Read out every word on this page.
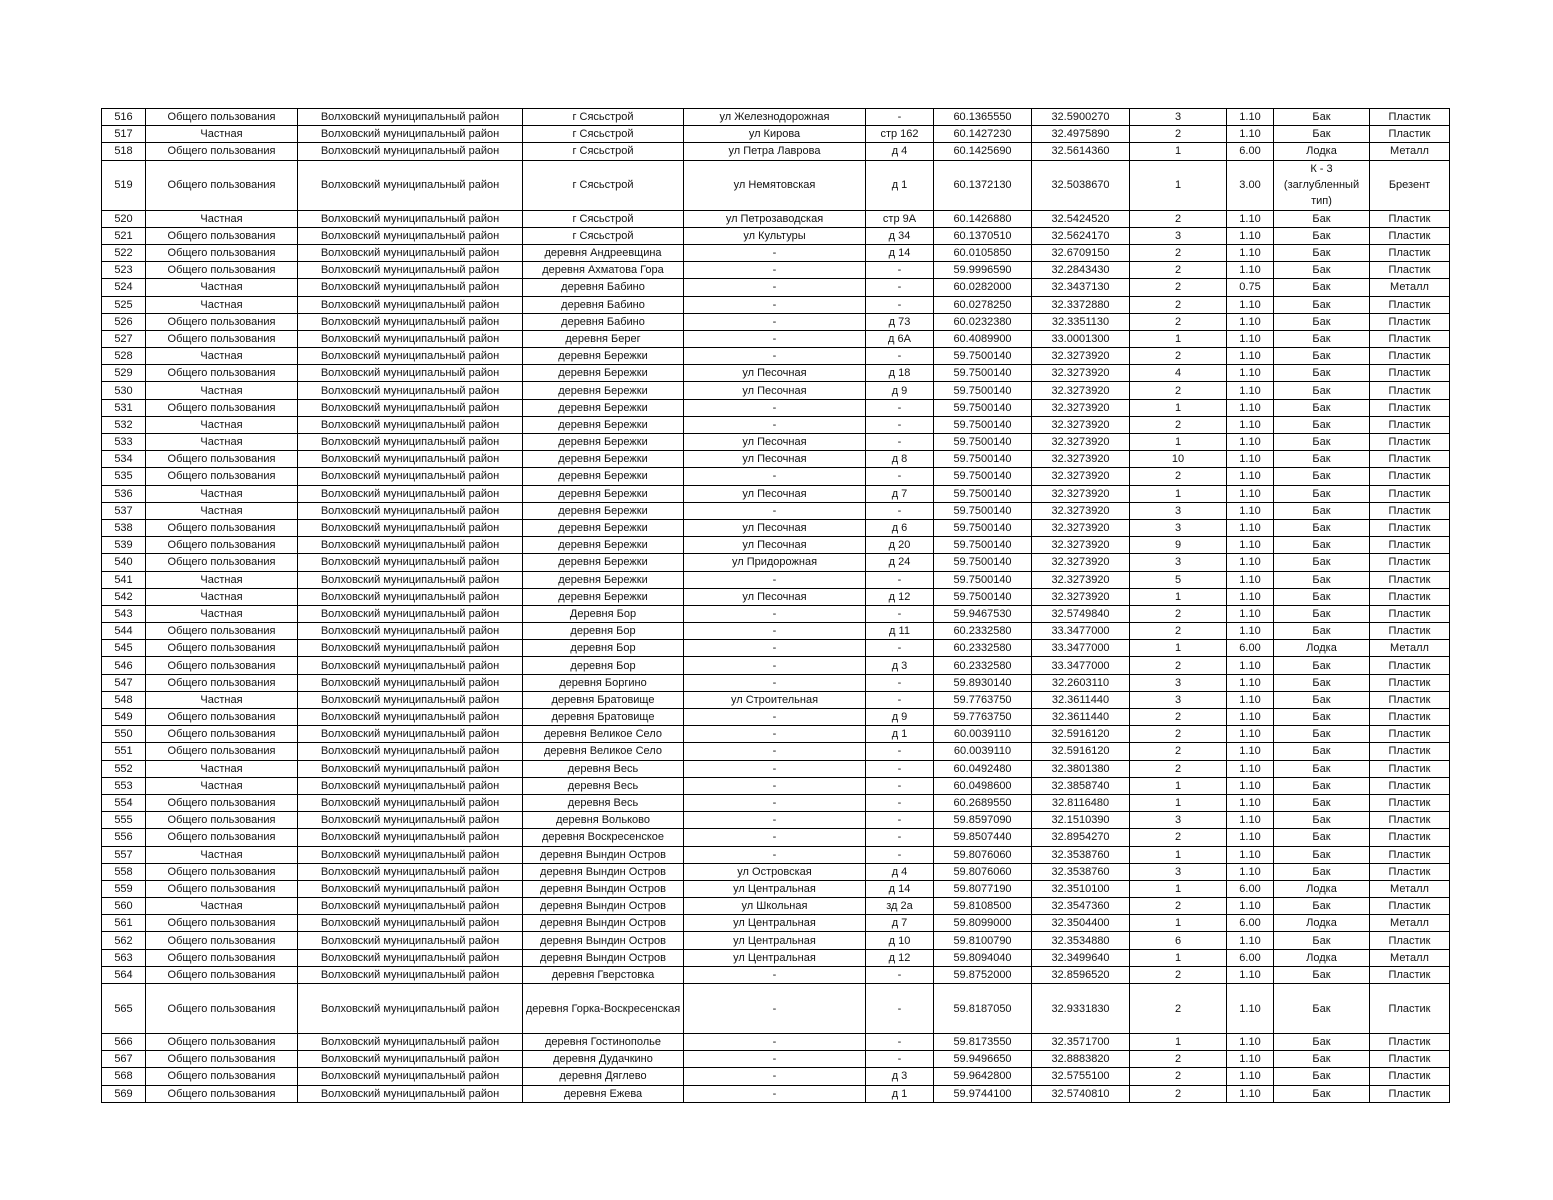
516	Общего пользования	Волховский муниципальный район	г Сясьстрой	ул Железнодорожная	-	60.1365550	32.5900270	3	1.10	Бак	Пластик
517	Частная	Волховский муниципальный район	г Сясьстрой	ул Кирова	стр 162	60.1427230	32.4975890	2	1.10	Бак	Пластик
518	Общего пользования	Волховский муниципальный район	г Сясьстрой	ул Петра Лаврова	д 4	60.1425690	32.5614360	1	6.00	Лодка	Металл
519	Общего пользования	Волховский муниципальный район	г Сясьстрой	ул Немятовская	д 1	60.1372130	32.5038670	1	3.00	К - 3 (заглубленный тип)	Брезент
520	Частная	Волховский муниципальный район	г Сясьстрой	ул Петрозаводская	стр 9А	60.1426880	32.5424520	2	1.10	Бак	Пластик
521	Общего пользования	Волховский муниципальный район	г Сясьстрой	ул Культуры	д 34	60.1370510	32.5624170	3	1.10	Бак	Пластик
522	Общего пользования	Волховский муниципальный район	деревня Андреевщина	-	д 14	60.0105850	32.6709150	2	1.10	Бак	Пластик
523	Общего пользования	Волховский муниципальный район	деревня Ахматова Гора	-	-	59.9996590	32.2843430	2	1.10	Бак	Пластик
524	Частная	Волховский муниципальный район	деревня Бабино	-	-	60.0282000	32.3437130	2	0.75	Бак	Металл
525	Частная	Волховский муниципальный район	деревня Бабино	-	-	60.0278250	32.3372880	2	1.10	Бак	Пластик
526	Общего пользования	Волховский муниципальный район	деревня Бабино	-	д 73	60.0232380	32.3351130	2	1.10	Бак	Пластик
527	Общего пользования	Волховский муниципальный район	деревня Берег	-	д 6А	60.4089900	33.0001300	1	1.10	Бак	Пластик
528	Частная	Волховский муниципальный район	деревня Бережки	-	-	59.7500140	32.3273920	2	1.10	Бак	Пластик
529	Общего пользования	Волховский муниципальный район	деревня Бережки	ул Песочная	д 18	59.7500140	32.3273920	4	1.10	Бак	Пластик
530	Частная	Волховский муниципальный район	деревня Бережки	ул Песочная	д 9	59.7500140	32.3273920	2	1.10	Бак	Пластик
531	Общего пользования	Волховский муниципальный район	деревня Бережки	-	-	59.7500140	32.3273920	1	1.10	Бак	Пластик
532	Частная	Волховский муниципальный район	деревня Бережки	-	-	59.7500140	32.3273920	2	1.10	Бак	Пластик
533	Частная	Волховский муниципальный район	деревня Бережки	ул Песочная	-	59.7500140	32.3273920	1	1.10	Бак	Пластик
534	Общего пользования	Волховский муниципальный район	деревня Бережки	ул Песочная	д 8	59.7500140	32.3273920	10	1.10	Бак	Пластик
535	Общего пользования	Волховский муниципальный район	деревня Бережки	-	-	59.7500140	32.3273920	2	1.10	Бак	Пластик
536	Частная	Волховский муниципальный район	деревня Бережки	ул Песочная	д 7	59.7500140	32.3273920	1	1.10	Бак	Пластик
537	Частная	Волховский муниципальный район	деревня Бережки	-	-	59.7500140	32.3273920	3	1.10	Бак	Пластик
538	Общего пользования	Волховский муниципальный район	деревня Бережки	ул Песочная	д 6	59.7500140	32.3273920	3	1.10	Бак	Пластик
539	Общего пользования	Волховский муниципальный район	деревня Бережки	ул Песочная	д 20	59.7500140	32.3273920	9	1.10	Бак	Пластик
540	Общего пользования	Волховский муниципальный район	деревня Бережки	ул Придорожная	д 24	59.7500140	32.3273920	3	1.10	Бак	Пластик
541	Частная	Волховский муниципальный район	деревня Бережки	-	-	59.7500140	32.3273920	5	1.10	Бак	Пластик
542	Частная	Волховский муниципальный район	деревня Бережки	ул Песочная	д 12	59.7500140	32.3273920	1	1.10	Бак	Пластик
543	Частная	Волховский муниципальный район	Деревня Бор	-	-	59.9467530	32.5749840	2	1.10	Бак	Пластик
544	Общего пользования	Волховский муниципальный район	деревня Бор	-	д 11	60.2332580	33.3477000	2	1.10	Бак	Пластик
545	Общего пользования	Волховский муниципальный район	деревня Бор	-	-	60.2332580	33.3477000	1	6.00	Лодка	Металл
546	Общего пользования	Волховский муниципальный район	деревня Бор	-	д 3	60.2332580	33.3477000	2	1.10	Бак	Пластик
547	Общего пользования	Волховский муниципальный район	деревня Боргино	-	-	59.8930140	32.2603110	3	1.10	Бак	Пластик
548	Частная	Волховский муниципальный район	деревня Братовище	ул Строительная	-	59.7763750	32.3611440	3	1.10	Бак	Пластик
549	Общего пользования	Волховский муниципальный район	деревня Братовище	-	д 9	59.7763750	32.3611440	2	1.10	Бак	Пластик
550	Общего пользования	Волховский муниципальный район	деревня Великое Село	-	д 1	60.0039110	32.5916120	2	1.10	Бак	Пластик
551	Общего пользования	Волховский муниципальный район	деревня Великое Село	-	-	60.0039110	32.5916120	2	1.10	Бак	Пластик
552	Частная	Волховский муниципальный район	деревня Весь	-	-	60.0492480	32.3801380	2	1.10	Бак	Пластик
553	Частная	Волховский муниципальный район	деревня Весь	-	-	60.0498600	32.3858740	1	1.10	Бак	Пластик
554	Общего пользования	Волховский муниципальный район	деревня Весь	-	-	60.2689550	32.8116480	1	1.10	Бак	Пластик
555	Общего пользования	Волховский муниципальный район	деревня Вольково	-	-	59.8597090	32.1510390	3	1.10	Бак	Пластик
556	Общего пользования	Волховский муниципальный район	деревня Воскресенское	-	-	59.8507440	32.8954270	2	1.10	Бак	Пластик
557	Частная	Волховский муниципальный район	деревня Вындин Остров	-	-	59.8076060	32.3538760	1	1.10	Бак	Пластик
558	Общего пользования	Волховский муниципальный район	деревня Вындин Остров	ул Островская	д 4	59.8076060	32.3538760	3	1.10	Бак	Пластик
559	Общего пользования	Волховский муниципальный район	деревня Вындин Остров	ул Центральная	д 14	59.8077190	32.3510100	1	6.00	Лодка	Металл
560	Частная	Волховский муниципальный район	деревня Вындин Остров	ул Школьная	зд 2а	59.8108500	32.3547360	2	1.10	Бак	Пластик
561	Общего пользования	Волховский муниципальный район	деревня Вындин Остров	ул Центральная	д 7	59.8099000	32.3504400	1	6.00	Лодка	Металл
562	Общего пользования	Волховский муниципальный район	деревня Вындин Остров	ул Центральная	д 10	59.8100790	32.3534880	6	1.10	Бак	Пластик
563	Общего пользования	Волховский муниципальный район	деревня Вындин Остров	ул Центральная	д 12	59.8094040	32.3499640	1	6.00	Лодка	Металл
564	Общего пользования	Волховский муниципальный район	деревня Гверстовка	-	-	59.8752000	32.8596520	2	1.10	Бак	Пластик
565	Общего пользования	Волховский муниципальный район	деревня Горка-Воскресенская	-	-	59.8187050	32.9331830	2	1.10	Бак	Пластик
566	Общего пользования	Волховский муниципальный район	деревня Гостинополье	-	-	59.8173550	32.3571700	1	1.10	Бак	Пластик
567	Общего пользования	Волховский муниципальный район	деревня Дудачкино	-	-	59.9496650	32.8883820	2	1.10	Бак	Пластик
568	Общего пользования	Волховский муниципальный район	деревня Дяглево	-	д 3	59.9642800	32.5755100	2	1.10	Бак	Пластик
569	Общего пользования	Волховский муниципальный район	деревня Ежева	-	д 1	59.9744100	32.5740810	2	1.10	Бак	Пластик
